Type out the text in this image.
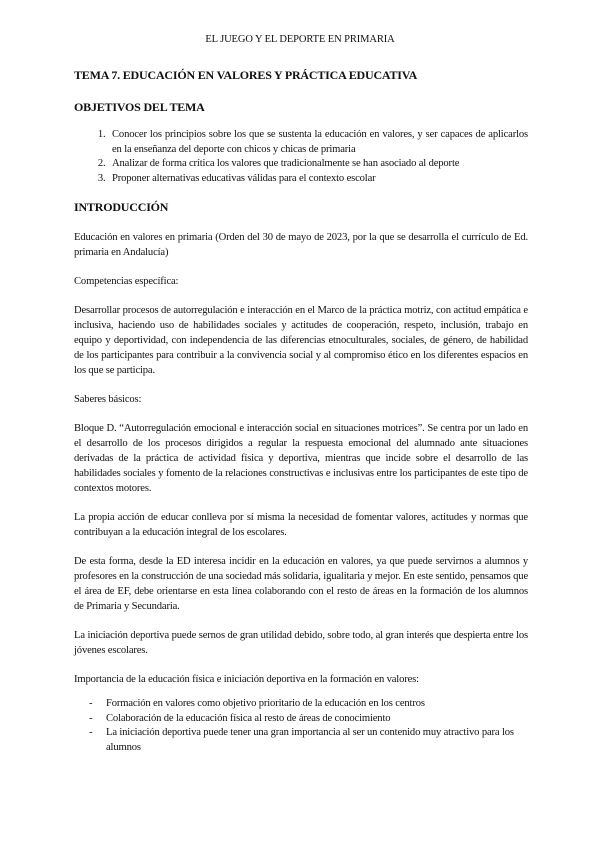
EL JUEGO Y EL DEPORTE EN PRIMARIA
TEMA 7. EDUCACIÓN EN VALORES Y PRÁCTICA EDUCATIVA
OBJETIVOS DEL TEMA
1. Conocer los principios sobre los que se sustenta la educación en valores, y ser capaces de aplicarlos en la enseñanza del deporte con chicos y chicas de primaria
2. Analizar de forma crítica los valores que tradicionalmente se han asociado al deporte
3. Proponer alternativas educativas válidas para el contexto escolar
INTRODUCCIÓN

Educación en valores en primaria (Orden del 30 de mayo de 2023, por la que se desarrolla el currículo de Ed. primaria en Andalucía)

Competencias específica:

Desarrollar procesos de autorregulación e interacción en el Marco de la práctica motriz, con actitud empática e inclusiva, haciendo uso de habilidades sociales y actitudes de cooperación, respeto, inclusión, trabajo en equipo y deportividad, con independencia de las diferencias etnoculturales, sociales, de género, de habilidad de los participantes para contribuir a la convivencia social y al compromiso ético en los diferentes espacios en los que se participa.

Saberes básicos:

Bloque D. “Autorregulación emocional e interacción social en situaciones motrices”. Se centra por un lado en el desarrollo de los procesos dirigidos a regular la respuesta emocional del alumnado ante situaciones derivadas de la práctica de actividad física y deportiva, mientras que incide sobre el desarrollo de las habilidades sociales y fomento de la relaciones constructivas e inclusivas entre los participantes de este tipo de contextos motores.

La propia acción de educar conlleva por sí misma la necesidad de fomentar valores, actitudes y normas que contribuyan a la educación integral de los escolares.

De esta forma, desde la ED interesa incidir en la educación en valores, ya que puede servirnos a alumnos y profesores en la construcción de una sociedad más solidaria, igualitaria y mejor. En este sentido, pensamos que el área de EF, debe orientarse en esta línea colaborando con el resto de áreas en la formación de los alumnos de Primaria y Secundaria.

La iniciación deportiva puede sernos de gran utilidad debido, sobre todo, al gran interés que despierta entre los jóvenes escolares.

Importancia de la educación física e iniciación deportiva en la formación en valores:

- Formación en valores como objetivo prioritario de la educación en los centros
- Colaboración de la educación física al resto de áreas de conocimiento
- La iniciación deportiva puede tener una gran importancia al ser un contenido muy atractivo para los alumnos
